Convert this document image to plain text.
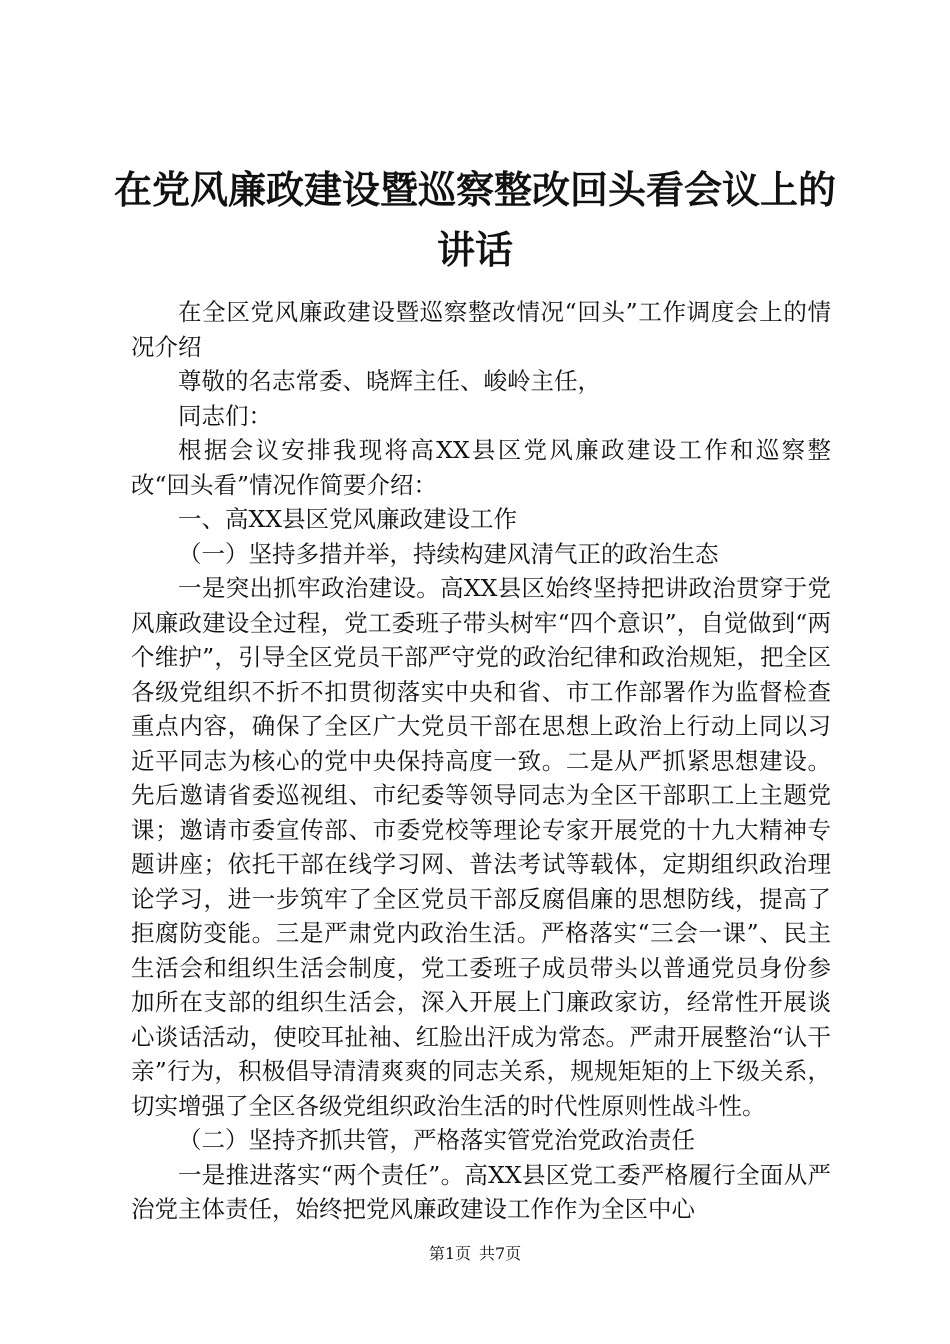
在党风廉政建设暨巡察整改回头看会议上的讲话

在全区党风廉政建设暨巡察整改情况“回头”工作调度会上的情况介绍

尊敬的名志常委、晓辉主任、峻岭主任，

同志们：

根据会议安排我现将高XX县区党风廉政建设工作和巡察整改“回头看”情况作简要介绍：

一、高XX县区党风廉政建设工作

（一）坚持多措并举，持续构建风清气正的政治生态

一是突出抓牢政治建设。高XX县区始终坚持把讲政治贯穿于党风廉政建设全过程，党工委班子带头树牢“四个意识”，自觉做到“两个维护”，引导全区党员干部严守党的政治纪律和政治规矩，把全区各级党组织不折不扣贯彻落实中央和省、市工作部署作为监督检查重点内容，确保了全区广大党员干部在思想上政治上行动上同以习近平同志为核心的党中央保持高度一致。二是从严抓紧思想建设。先后邀请省委巡视组、市纪委等领导同志为全区干部职工上主题党课；邀请市委宣传部、市委党校等理论专家开展党的十九大精神专题讲座；依托干部在线学习网、普法考试等载体，定期组织政治理论学习，进一步筑牢了全区党员干部反腐倡廉的思想防线，提高了拒腐防变能。三是严肃党内政治生活。严格落实“三会一课”、民主生活会和组织生活会制度，党工委班子成员带头以普通党员身份参加所在支部的组织生活会，深入开展上门廉政家访，经常性开展谈心谈话活动，使咬耳扯袖、红脸出汗成为常态。严肃开展整治“认干亲”行为，积极倡导清清爽爽的同志关系，规规矩矩的上下级关系，切实增强了全区各级党组织政治生活的时代性原则性战斗性。

（二）坚持齐抓共管，严格落实管党治党政治责任

一是推进落实“两个责任”。高XX县区党工委严格履行全面从严治党主体责任，始终把党风廉政建设工作作为全区中心

第1页 共7页
